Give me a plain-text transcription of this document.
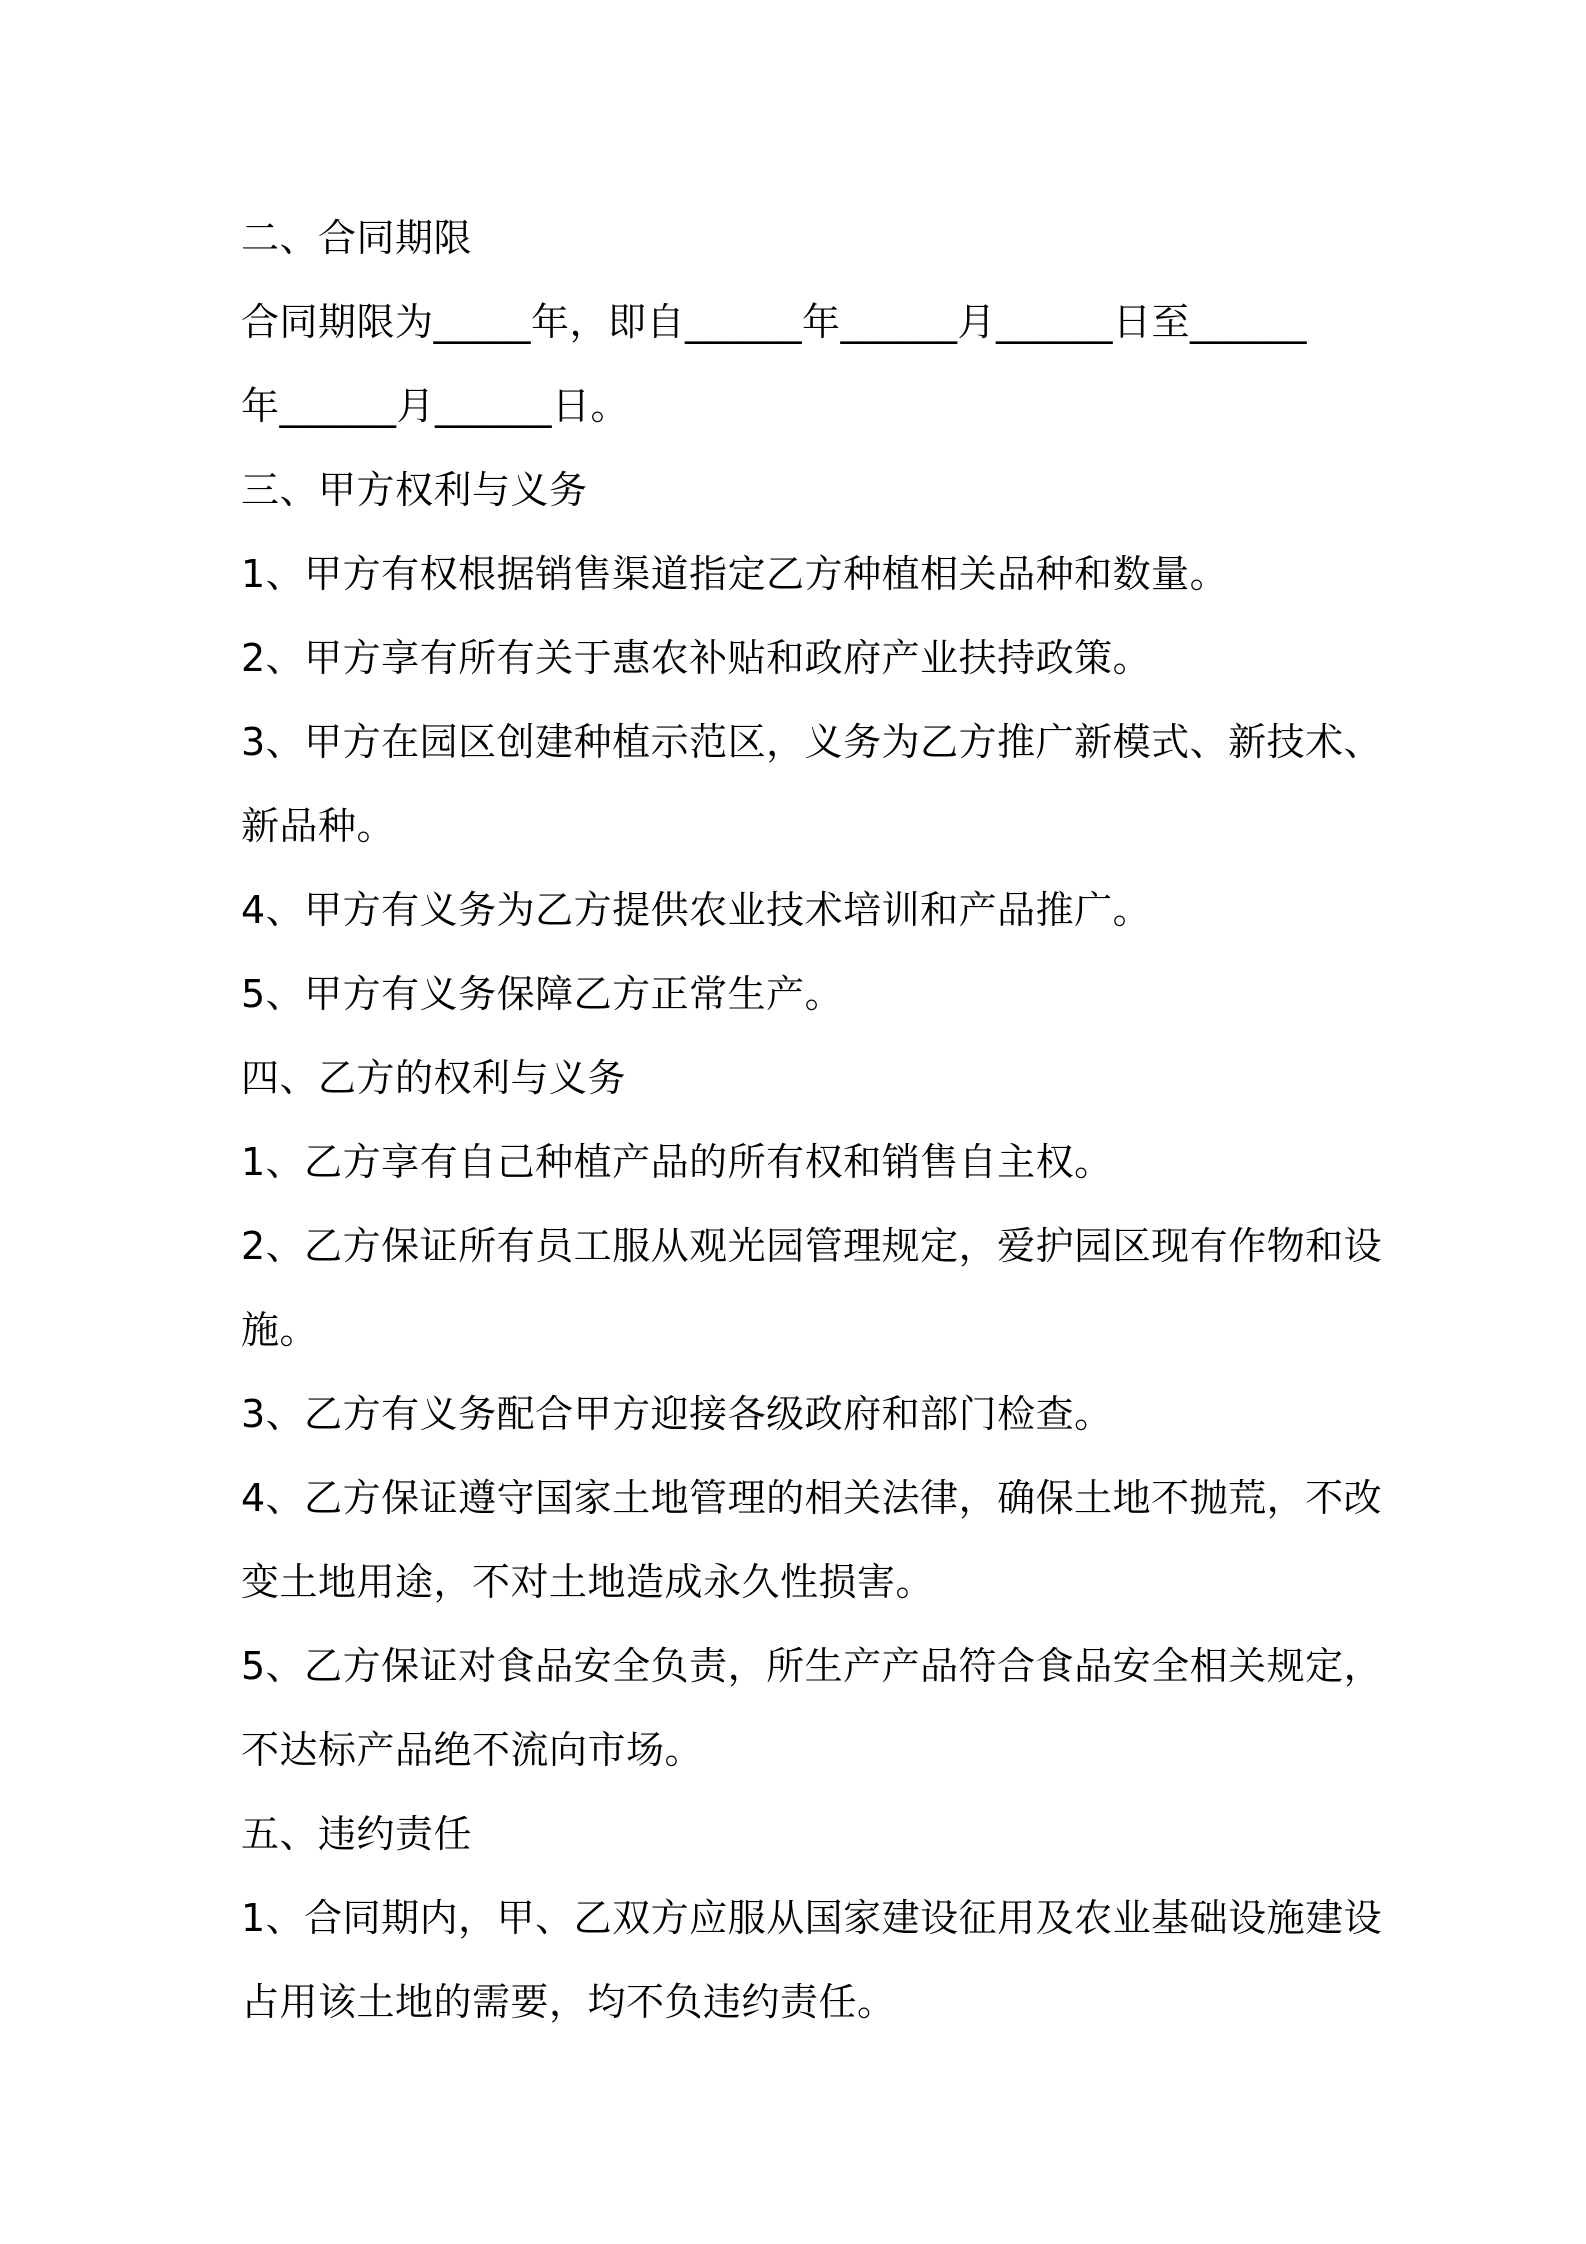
二、合同期限
合同期限为_____年，即自______年______月______日至______
年______月______日。
三、甲方权利与义务
1、甲方有权根据销售渠道指定乙方种植相关品种和数量。
2、甲方享有所有关于惠农补贴和政府产业扶持政策。
3、甲方在园区创建种植示范区，义务为乙方推广新模式、新技术、
新品种。
4、甲方有义务为乙方提供农业技术培训和产品推广。
5、甲方有义务保障乙方正常生产。
四、乙方的权利与义务
1、乙方享有自己种植产品的所有权和销售自主权。
2、乙方保证所有员工服从观光园管理规定，爱护园区现有作物和设
施。
3、乙方有义务配合甲方迎接各级政府和部门检查。
4、乙方保证遵守国家土地管理的相关法律，确保土地不抛荒，不改
变土地用途，不对土地造成永久性损害。
5、乙方保证对食品安全负责，所生产产品符合食品安全相关规定，
不达标产品绝不流向市场。
五、违约责任
1、合同期内，甲、乙双方应服从国家建设征用及农业基础设施建设
占用该土地的需要，均不负违约责任。
